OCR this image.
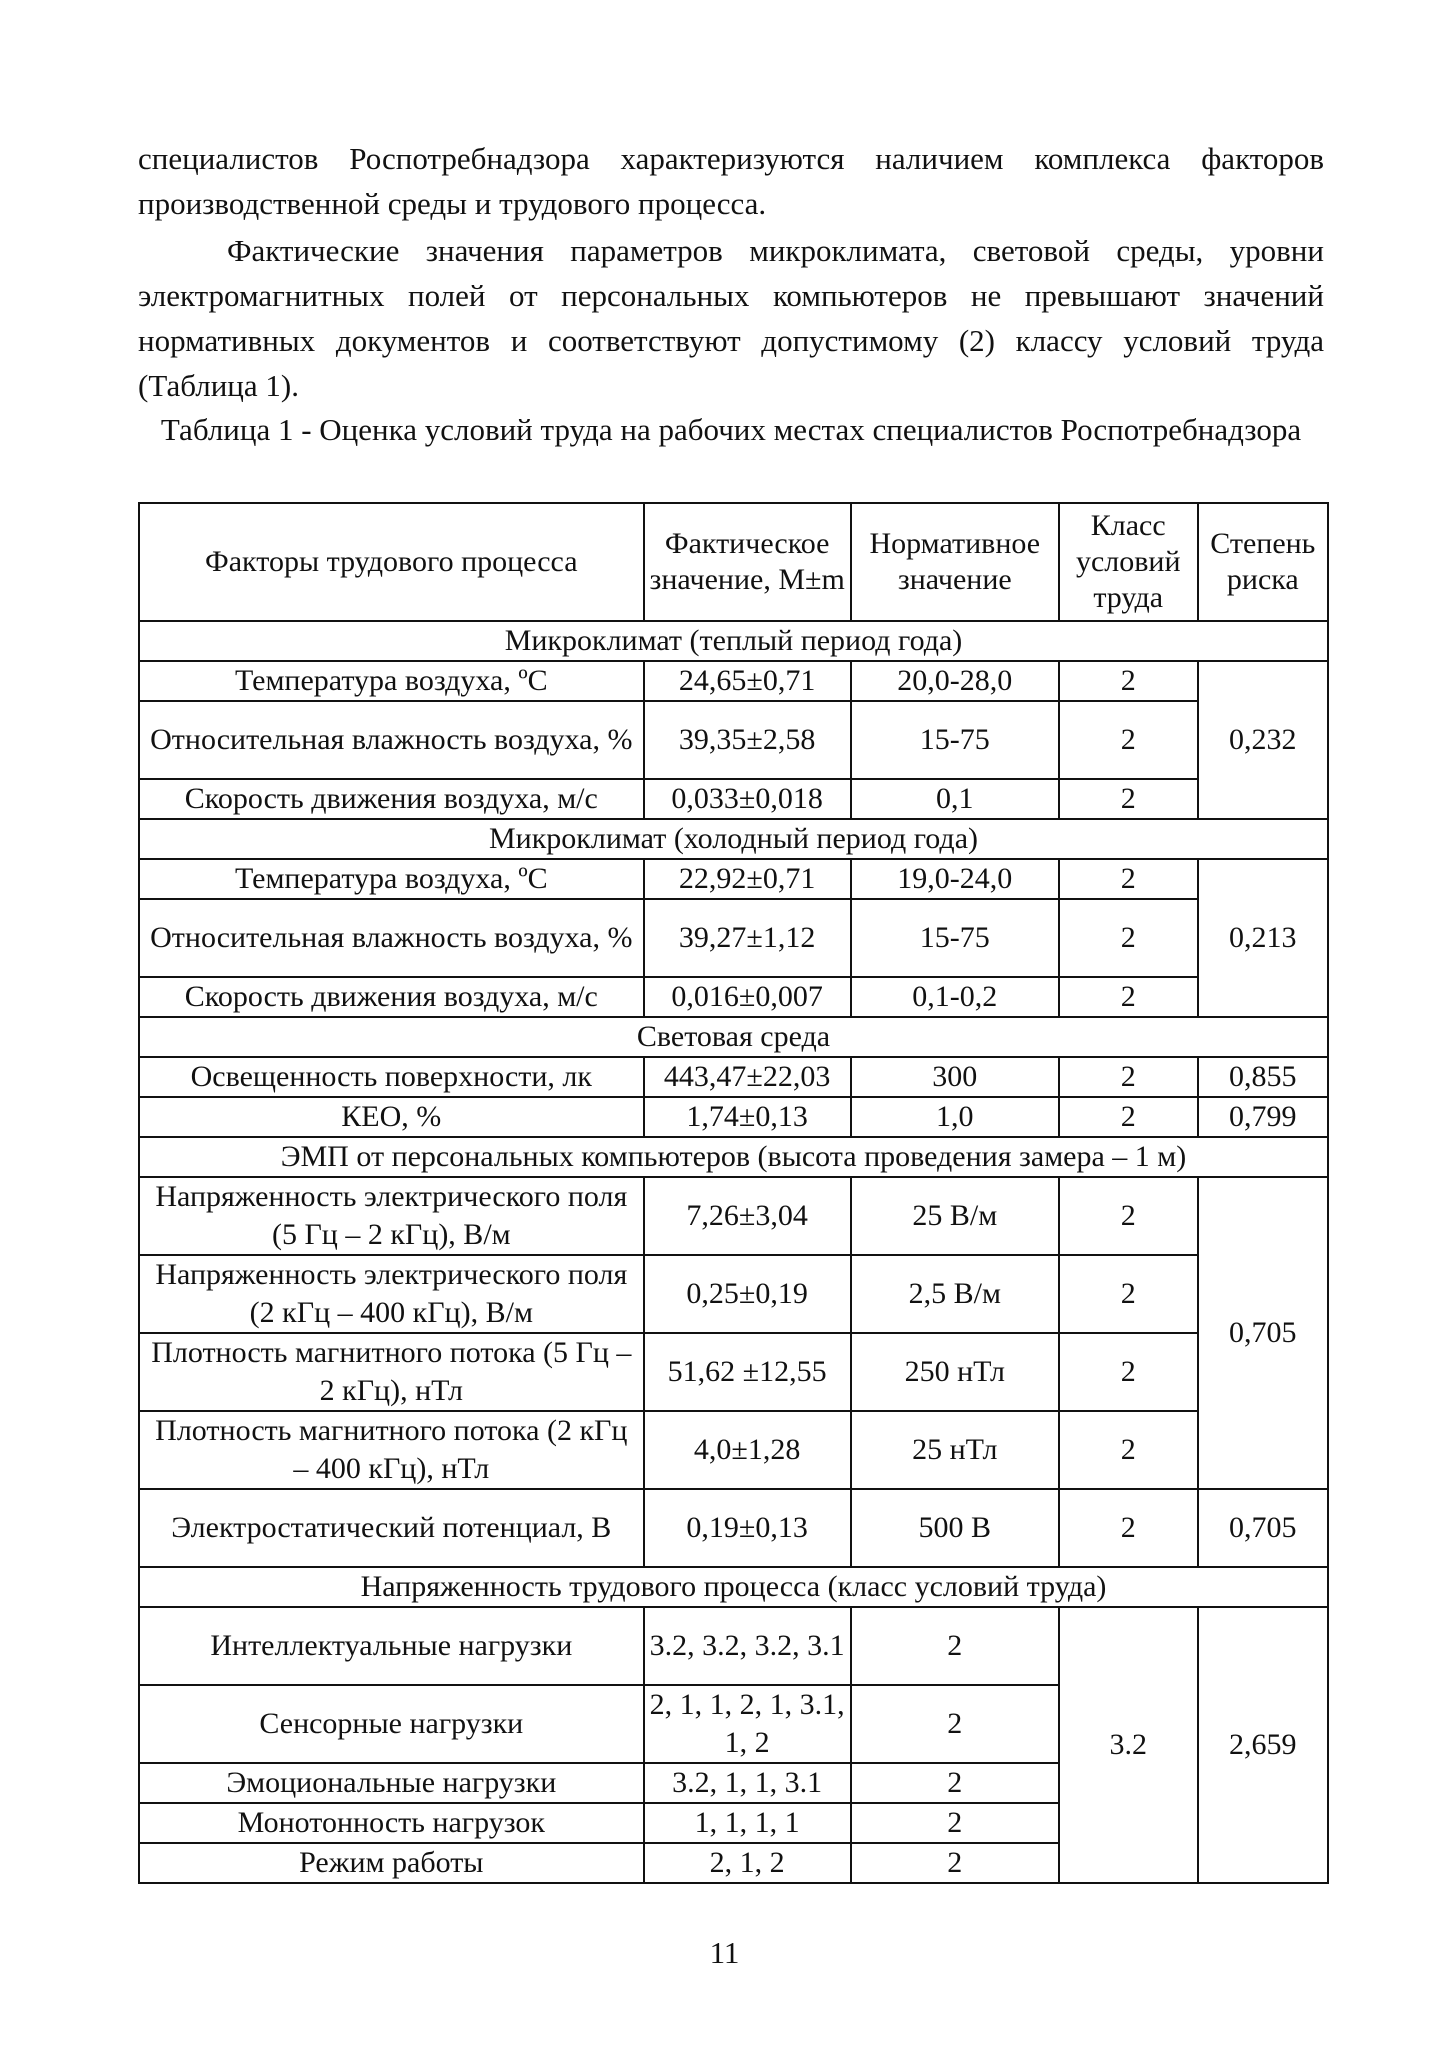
специалистов Роспотребнадзора характеризуются наличием комплекса факторов производственной среды и трудового процесса.

Фактические значения параметров микроклимата, световой среды, уровни электромагнитных полей от персональных компьютеров не превышают значений нормативных документов и соответствуют допустимому (2) классу условий труда (Таблица 1).

Таблица 1 - Оценка условий труда на рабочих местах специалистов Роспотребнадзора

Факторы трудового процесса	Фактическое значение, M±m	Нормативное значение	Класс условий труда	Степень риска
Микроклимат (теплый период года)				
Температура воздуха, ºС	24,65±0,71	20,0-28,0	2	0,232
Относительная влажность воздуха, %	39,35±2,58	15-75	2	
Скорость движения воздуха, м/с	0,033±0,018	0,1	2	
Микроклимат (холодный период года)				
Температура воздуха, ºС	22,92±0,71	19,0-24,0	2	0,213
Относительная влажность воздуха, %	39,27±1,12	15-75	2	
Скорость движения воздуха, м/с	0,016±0,007	0,1-0,2	2	
Световая среда				
Освещенность поверхности, лк	443,47±22,03	300	2	0,855
КЕО, %	1,74±0,13	1,0	2	0,799
ЭМП от персональных компьютеров (высота проведения замера – 1 м)				
Напряженность электрического поля (5 Гц – 2 кГц), В/м	7,26±3,04	25 В/м	2	0,705
Напряженность электрического поля (2 кГц – 400 кГц), В/м	0,25±0,19	2,5 В/м	2	
Плотность магнитного потока (5 Гц – 2 кГц), нТл	51,62 ±12,55	250 нТл	2	
Плотность магнитного потока (2 кГц – 400 кГц), нТл	4,0±1,28	25 нТл	2	
Электростатический потенциал, В	0,19±0,13	500 В	2	0,705
Напряженность трудового процесса (класс условий труда)				
Интеллектуальные нагрузки	3.2, 3.2, 3.2, 3.1	2	3.2	2,659
Сенсорные нагрузки	2, 1, 1, 2, 1, 3.1, 1, 2	2		
Эмоциональные нагрузки	3.2, 1, 1, 3.1	2		
Монотонность нагрузок	1, 1, 1, 1	2		
Режим работы	2, 1, 2	2		
11
